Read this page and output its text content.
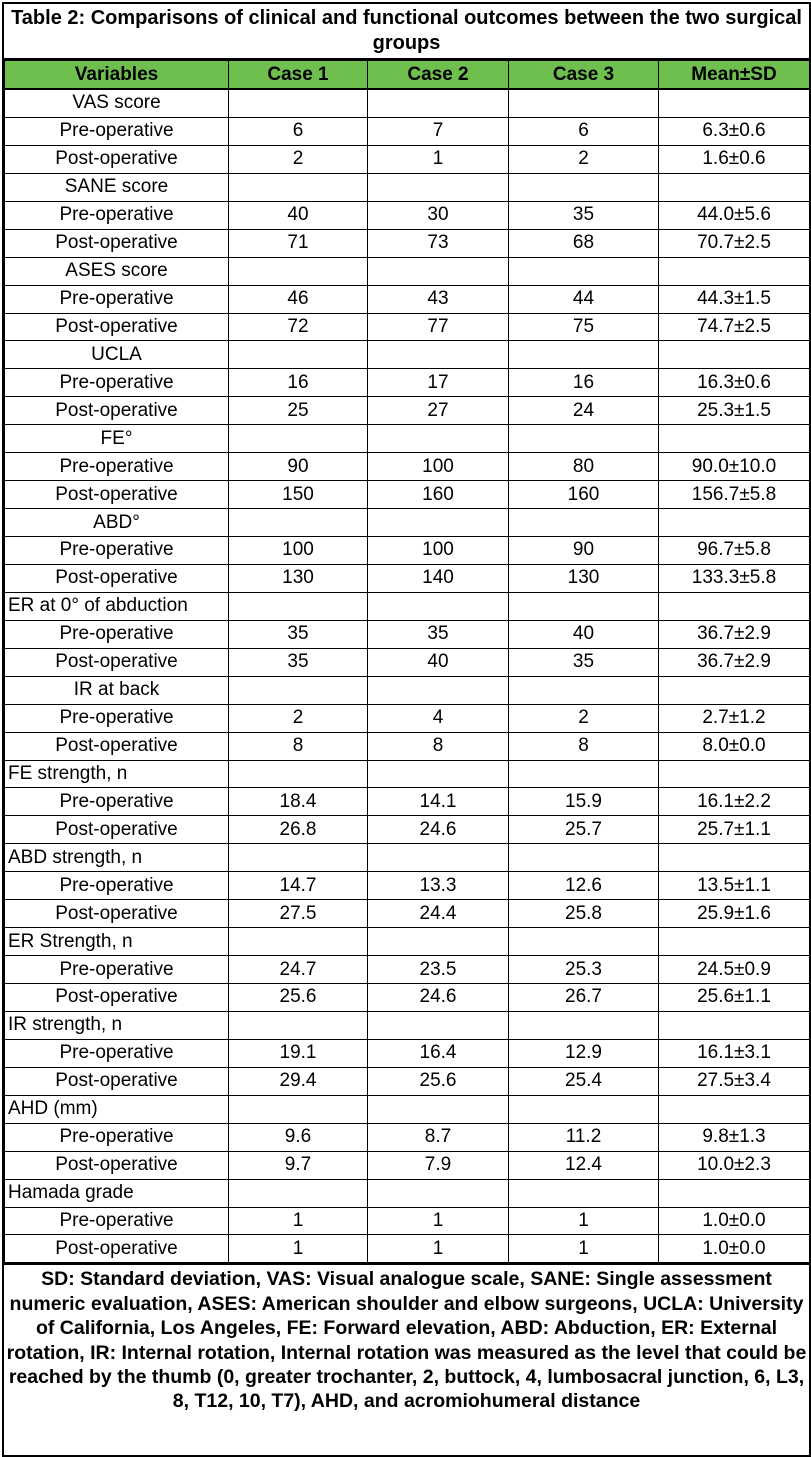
Table 2: Comparisons of clinical and functional outcomes between the two surgical groups
Variables	Case 1	Case 2	Case 3	Mean±SD
VAS score				
Pre-operative	6	7	6	6.3±0.6
Post-operative	2	1	2	1.6±0.6
SANE score				
Pre-operative	40	30	35	44.0±5.6
Post-operative	71	73	68	70.7±2.5
ASES score				
Pre-operative	46	43	44	44.3±1.5
Post-operative	72	77	75	74.7±2.5
UCLA				
Pre-operative	16	17	16	16.3±0.6
Post-operative	25	27	24	25.3±1.5
FE°				
Pre-operative	90	100	80	90.0±10.0
Post-operative	150	160	160	156.7±5.8
ABD°				
Pre-operative	100	100	90	96.7±5.8
Post-operative	130	140	130	133.3±5.8
ER at 0° of abduction				
Pre-operative	35	35	40	36.7±2.9
Post-operative	35	40	35	36.7±2.9
IR at back				
Pre-operative	2	4	2	2.7±1.2
Post-operative	8	8	8	8.0±0.0
FE strength, n				
Pre-operative	18.4	14.1	15.9	16.1±2.2
Post-operative	26.8	24.6	25.7	25.7±1.1
ABD strength, n				
Pre-operative	14.7	13.3	12.6	13.5±1.1
Post-operative	27.5	24.4	25.8	25.9±1.6
ER Strength, n				
Pre-operative	24.7	23.5	25.3	24.5±0.9
Post-operative	25.6	24.6	26.7	25.6±1.1
IR strength, n				
Pre-operative	19.1	16.4	12.9	16.1±3.1
Post-operative	29.4	25.6	25.4	27.5±3.4
AHD (mm)				
Pre-operative	9.6	8.7	11.2	9.8±1.3
Post-operative	9.7	7.9	12.4	10.0±2.3
Hamada grade				
Pre-operative	1	1	1	1.0±0.0
Post-operative	1	1	1	1.0±0.0
SD: Standard deviation, VAS: Visual analogue scale, SANE: Single assessment numeric evaluation, ASES: American shoulder and elbow surgeons, UCLA: University of California, Los Angeles, FE: Forward elevation, ABD: Abduction, ER: External rotation, IR: Internal rotation, Internal rotation was measured as the level that could be reached by the thumb (0, greater trochanter, 2, buttock, 4, lumbosacral junction, 6, L3, 8, T12, 10, T7), AHD, and acromiohumeral distance
